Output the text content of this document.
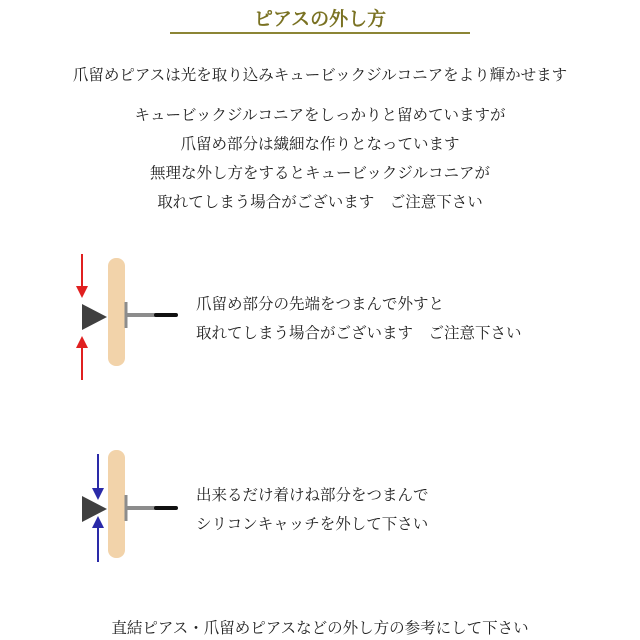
ピアスの外し方
爪留めピアスは光を取り込みキュービックジルコニアをより輝かせます
キュービックジルコニアをしっかりと留めていますが
爪留め部分は繊細な作りとなっています
無理な外し方をするとキュービックジルコニアが
取れてしまう場合がございます　ご注意下さい
爪留め部分の先端をつまんで外すと
取れてしまう場合がございます　ご注意下さい
出来るだけ着けね部分をつまんで
シリコンキャッチを外して下さい
直結ピアス・爪留めピアスなどの外し方の参考にして下さい
